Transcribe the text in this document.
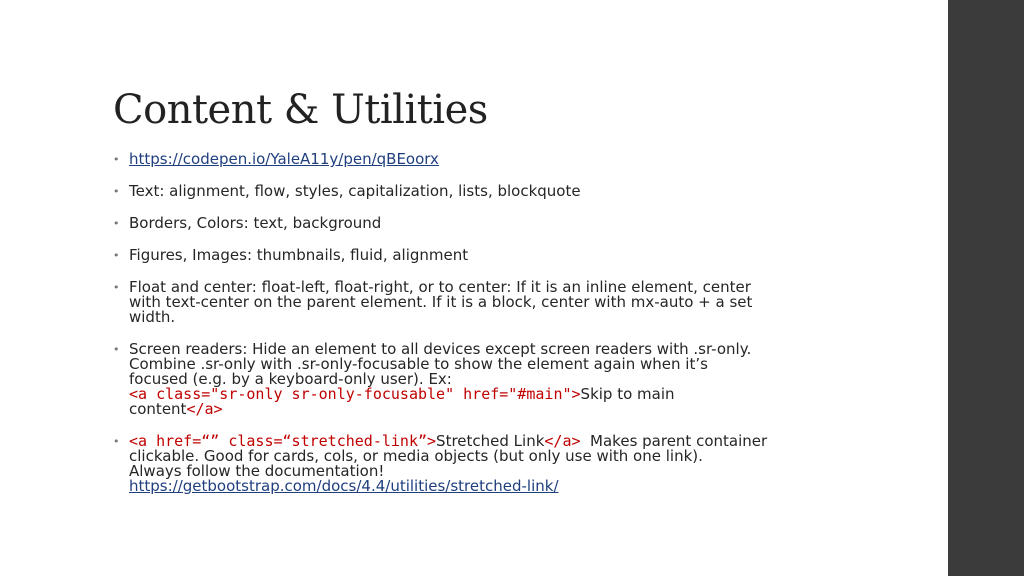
Content & Utilities
• https://codepen.io/YaleA11y/pen/qBEoorx
• Text: alignment, flow, styles, capitalization, lists, blockquote
• Borders, Colors: text, background
• Figures, Images: thumbnails, fluid, alignment
• Float and center: float-left, float-right, or to center: If it is an inline element, center
with text-center on the parent element. If it is a block, center with mx-auto + a set
width.
• Screen readers: Hide an element to all devices except screen readers with .sr-only.
Combine .sr-only with .sr-only-focusable to show the element again when it’s
focused (e.g. by a keyboard-only user). Ex:
<a class="sr-only sr-only-focusable" href="#main">Skip to main
content</a>
• <a href=“” class=“stretched-link”>Stretched Link</a>  Makes parent container
clickable. Good for cards, cols, or media objects (but only use with one link).
Always follow the documentation!
https://getbootstrap.com/docs/4.4/utilities/stretched-link/
